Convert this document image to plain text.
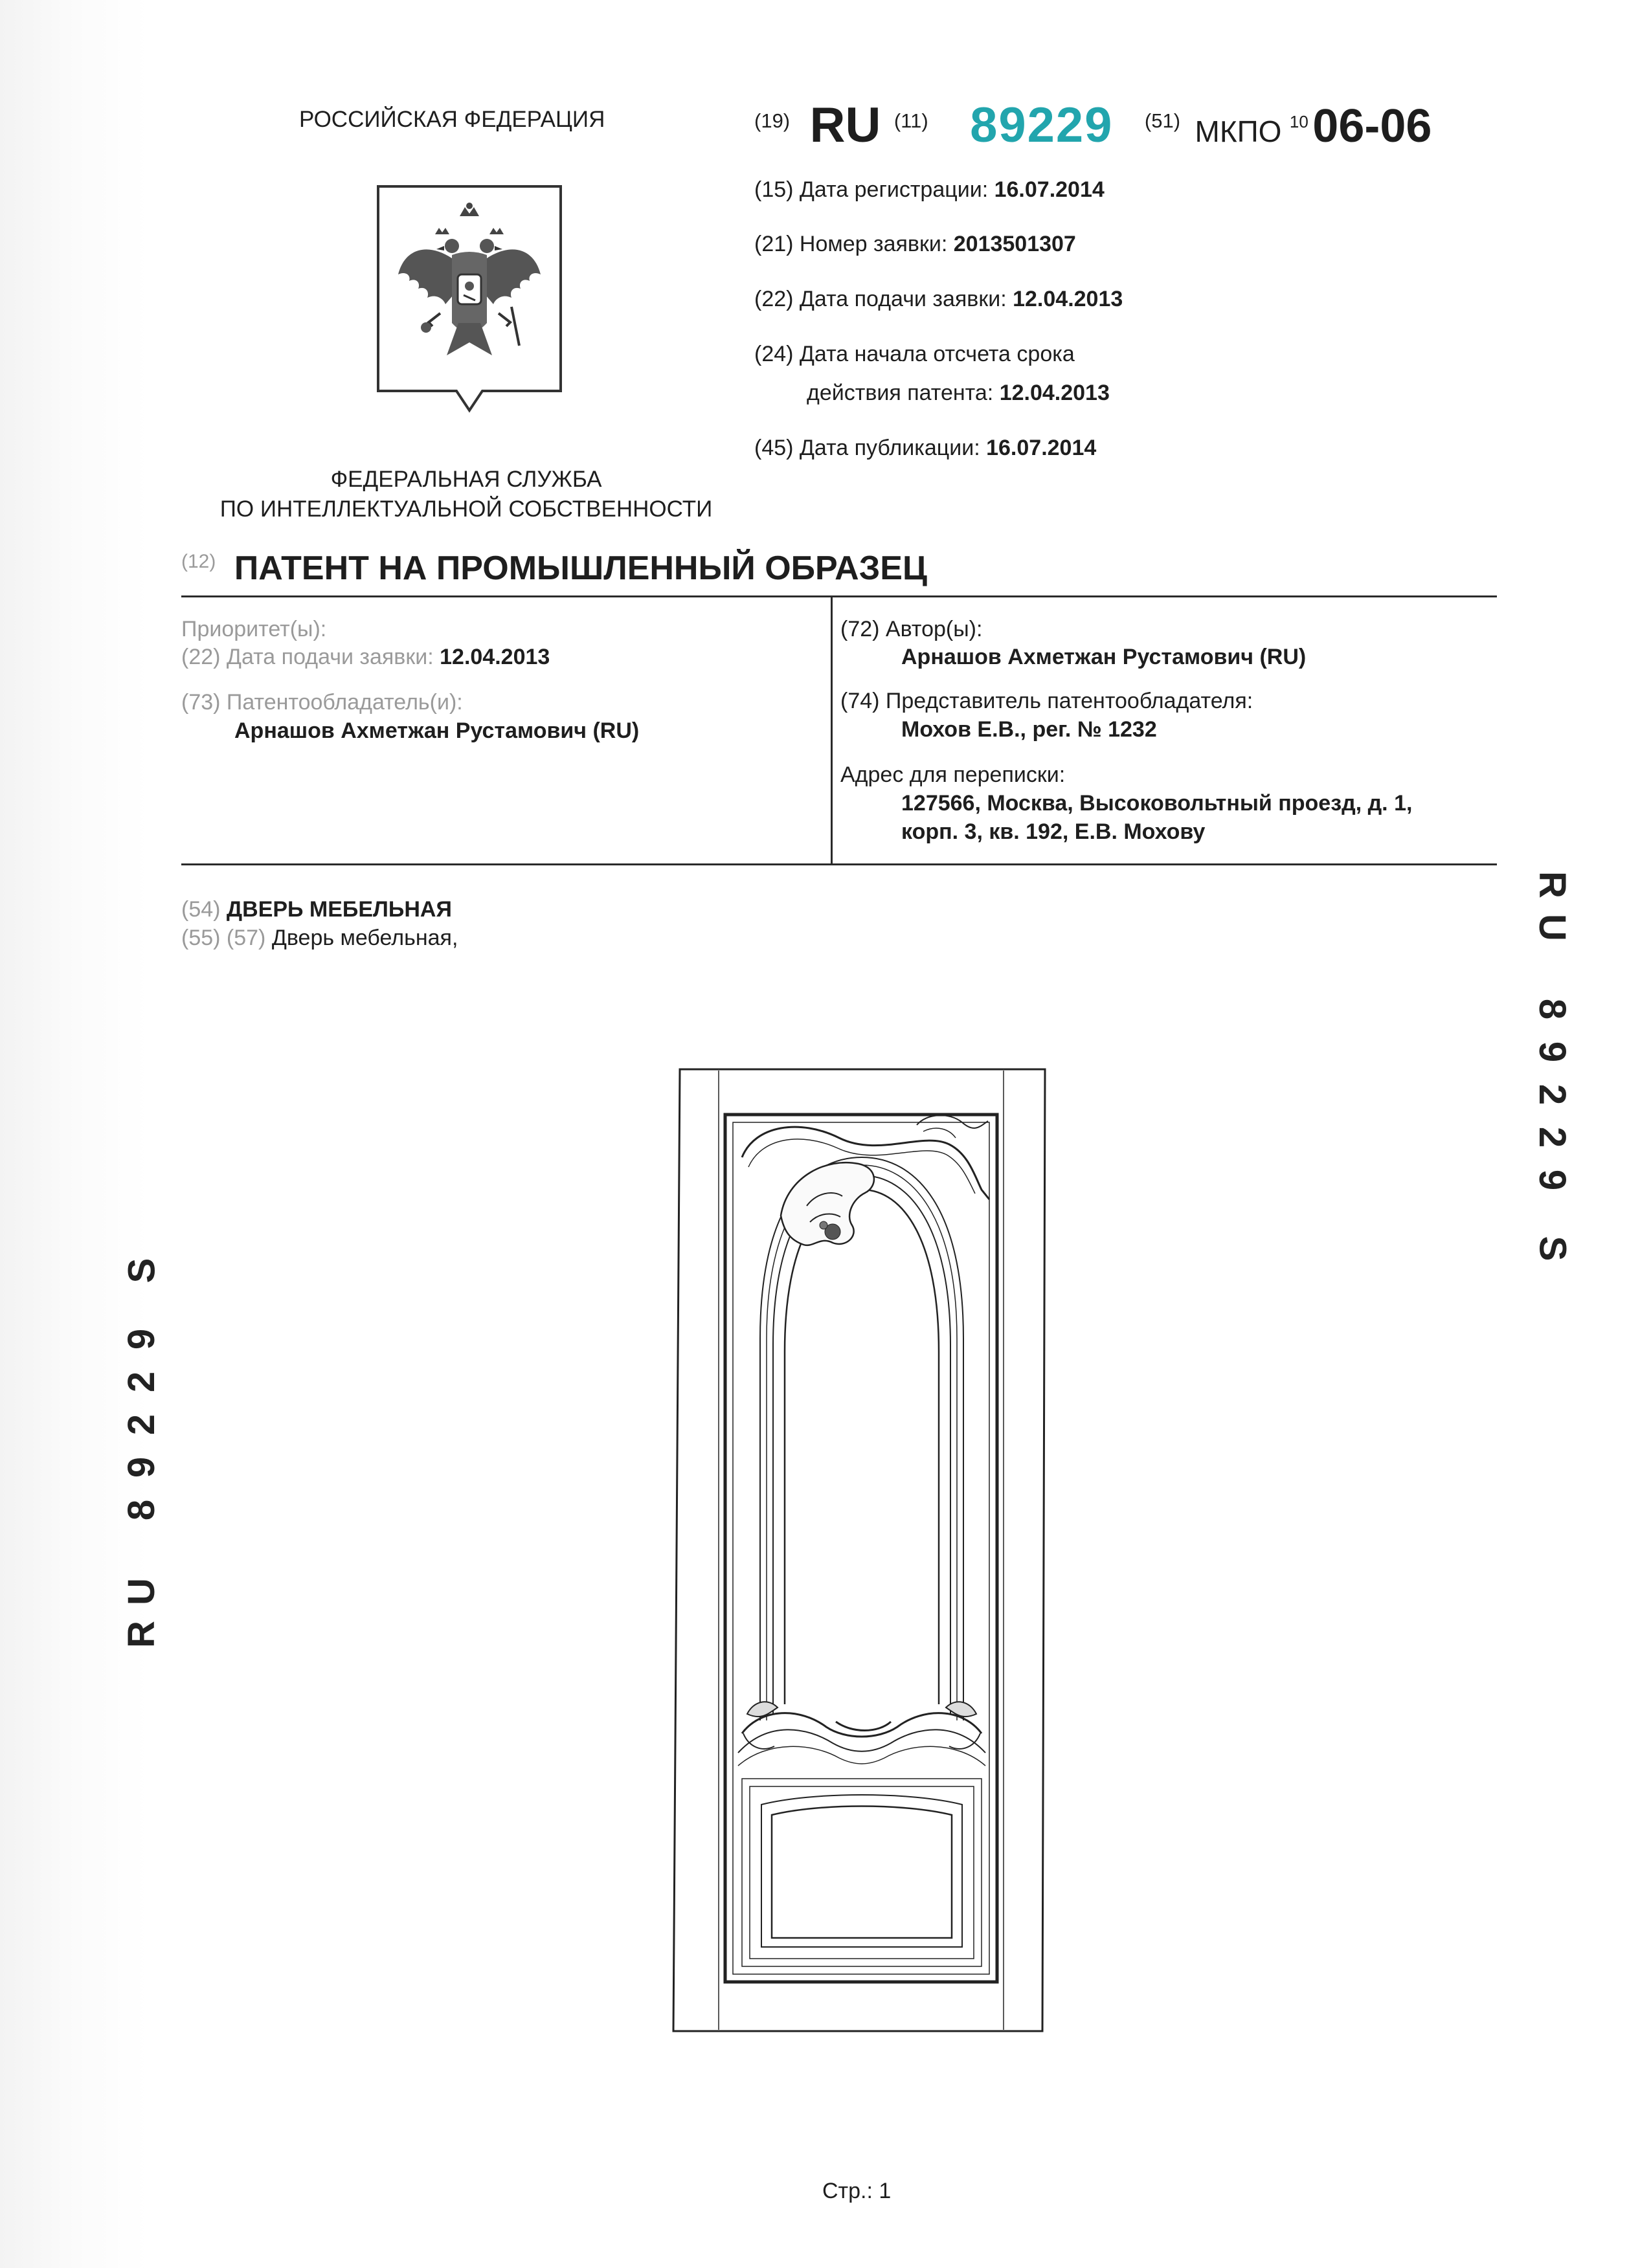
РОССИЙСКАЯ ФЕДЕРАЦИЯ
ФЕДЕРАЛЬНАЯ СЛУЖБА
ПО ИНТЕЛЛЕКТУАЛЬНОЙ СОБСТВЕННОСТИ
(19) RU (11) 89229 (51) МКПО 10 06-06
(15) Дата регистрации: 16.07.2014
(21) Номер заявки: 2013501307
(22) Дата подачи заявки: 12.04.2013
(24) Дата начала отсчета срока
действия патента: 12.04.2013
(45) Дата публикации: 16.07.2014
(12) ПАТЕНТ НА ПРОМЫШЛЕННЫЙ ОБРАЗЕЦ
Приоритет(ы):
(22) Дата подачи заявки: 12.04.2013
(73) Патентообладатель(и):
Арнашов Ахметжан Рустамович (RU)
(72) Автор(ы):
Арнашов Ахметжан Рустамович (RU)
(74) Представитель патентообладателя:
Мохов Е.В., рег. № 1232
Адрес для переписки:
127566, Москва, Высоковольтный проезд, д. 1,
корп. 3, кв. 192, Е.В. Мохову
(54) ДВЕРЬ МЕБЕЛЬНАЯ
(55) (57) Дверь мебельная,
R
U
8
9
2
2
9
S
S
9
2
2
9
8
U
R
Стр.: 1
